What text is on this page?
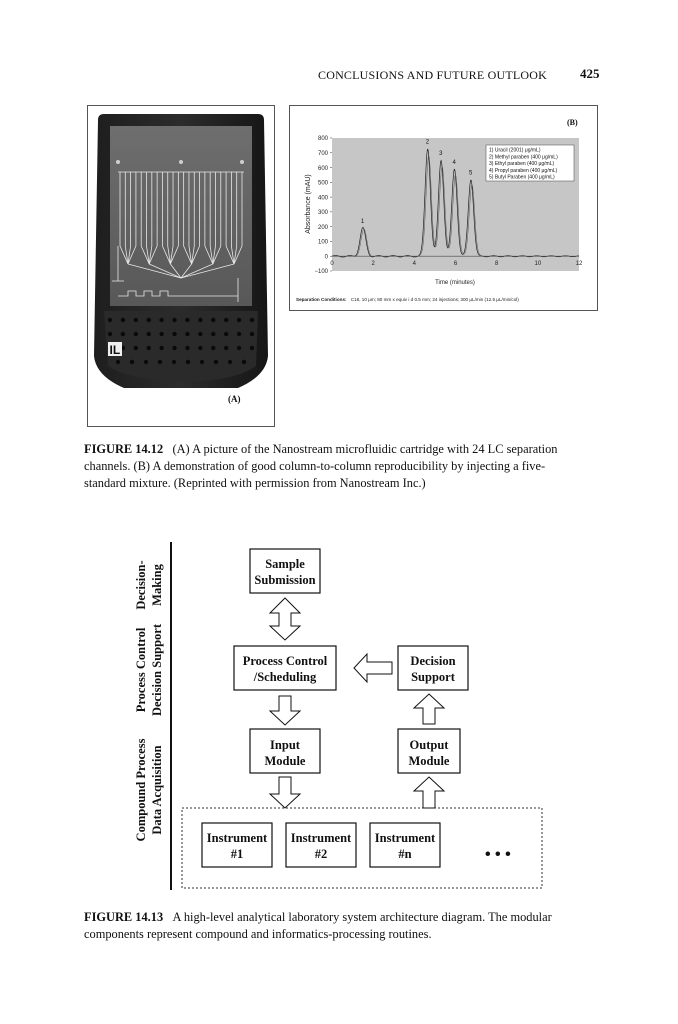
CONCLUSIONS AND FUTURE OUTLOOK	425
IL
(A)
(B)
800
700
600
500
400
300
200
100
0
−100
0	2	4	6	8	10	12
1
2
3
4
5
Absorbance (mAU)
Time (minutes)
1) Uracil (2001) μg/mL)
2) Methyl paraben (400 μg/mL)
3) Ethyl paraben (400 μg/mL)
4) Propyl paraben (400 μg/mL)
5) Butyl Paraben (400 μg/mL)
Separation Conditions: C18, 10 μm; 80 mm x equiv i d 0.5 mm; 24 injections; 300 μL/min (12.5 μL/min/col)
FIGURE 14.12 (A) A picture of the Nanostream microfluidic cartridge with 24 LC separation
channels. (B) A demonstration of good column-to-column reproducibility by injecting a five-
standard mixture. (Reprinted with permission from Nanostream Inc.)
Decision- Making
Process Control Decision Support
Compound Process Data Acquisition
Sample
Submission
Process Control
/Scheduling
Decision
Support
Input
Module
Output
Module
Instrument
#1
Instrument
#2
Instrument
#n	• • •
FIGURE 14.13 A high-level analytical laboratory system architecture diagram. The modular
components represent compound and informatics-processing routines.
